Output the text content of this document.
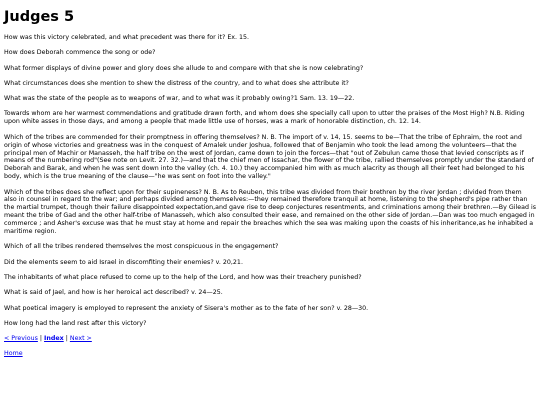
Judges 5

How was this victory celebrated, and what precedent was there for it? Ex. 15.

How does Deborah commence the song or ode?

What former displays of divine power and glory does she allude to and compare with that she is now celebrating?

What circumstances does she mention to shew the distress of the country, and to what does she attribute it?

What was the state of the people as to weapons of war, and to what was it probably owing?1 Sam. 13. 19—22.

Towards whom are her warmest commendations and gratitude drawn forth, and whom does she specially call upon to utter the praises of the Most High? N.B. Riding upon white asses in those days, and among a people that made little use of horses, was a mark of honorable distinction, ch. 12. 14.

Which of the tribes are commended for their promptness in offering themselves? N. B. The import of v. 14, 15. seems to be—That the tribe of Ephraim, the root and origin of whose victories and greatness was in the conquest of Amalek under Joshua, followed that of Benjamin who took the lead among the volunteers—that the principal men of Machir or Manasseh, the half tribe on the west of Jordan, came down to join the forces—that "out of Zebulun came those that levied conscripts as if means of the numbering rod"(See note on Levit. 27. 32.)—and that the chief men of Issachar, the flower of the tribe, rallied themselves promptly under the standard of Deborah and Barak, and when he was sent down into the valley (ch. 4. 10.) they accompanied him with as much alacrity as though all their feet had belonged to his body, which is the true meaning of the clause—"he was sent on foot into the valley."

Which of the tribes does she reflect upon for their supineness? N. B. As to Reuben, this tribe was divided from their brethren by the river Jordan ; divided from them also in counsel in regard to the war; and perhaps divided among themselves:—they remained therefore tranquil at home, listening to the shepherd's pipe rather than the martial trumpet, though their failure disappointed expectation,and gave rise to deep conjectures resentments, and criminations among their brethren.—By Gilead is meant the tribe of Gad and the other half-tribe of Manasseh, which also consulted their ease, and remained on the other side of Jordan.—Dan was too much engaged in commerce ; and Asher's excuse was that he must stay at home and repair the breaches which the sea was making upon the coasts of his inheritance,as he inhabited a maritime region.

Which of all the tribes rendered themselves the most conspicuous in the engagement?

Did the elements seem to aid Israel in discomfiting their enemies? v. 20,21.

The inhabitants of what place refused to come up to the help of the Lord, and how was their treachery punished?

What is said of Jael, and how is her heroical act described? v. 24—25.

What poetical imagery is employed to represent the anxiety of Sisera's mother as to the fate of her son? v. 28—30.

How long had the land rest after this victory?

< Previous | Index | Next >
Home
